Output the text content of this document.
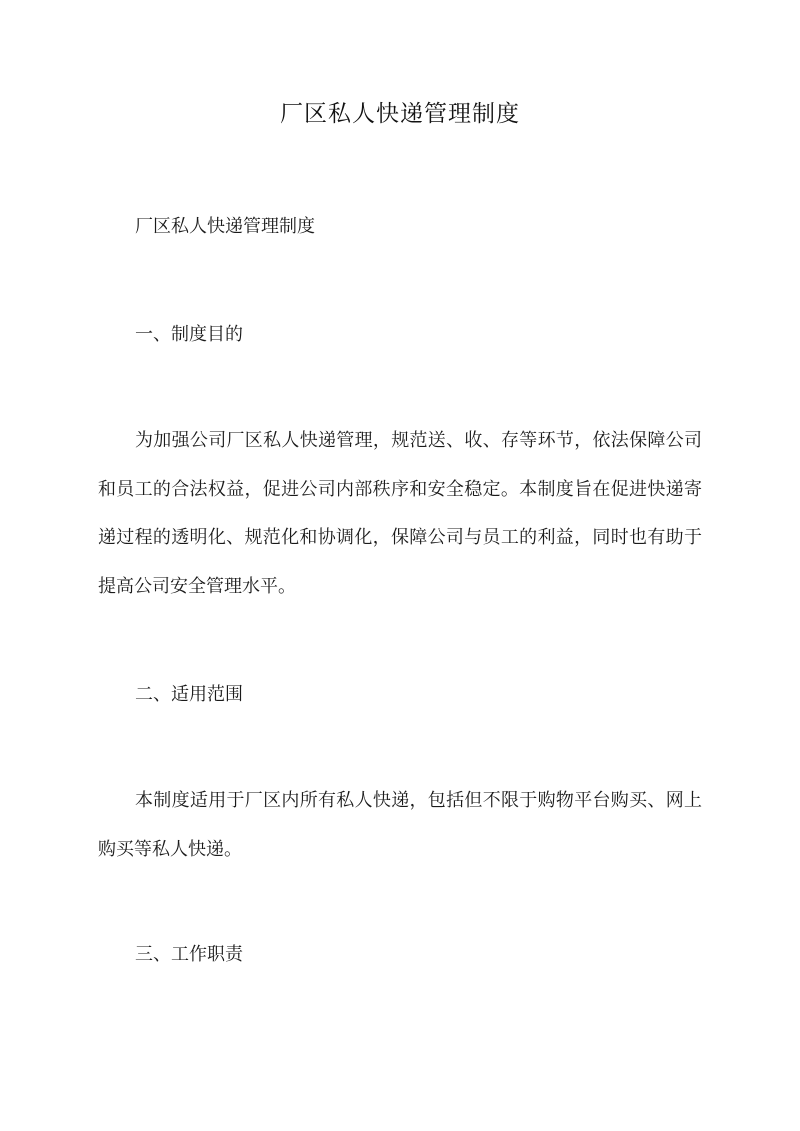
厂区私人快递管理制度
厂区私人快递管理制度
一、制度目的

为加强公司厂区私人快递管理，规范送、收、存等环节，依法保障公司和员工的合法权益，促进公司内部秩序和安全稳定。本制度旨在促进快递寄递过程的透明化、规范化和协调化，保障公司与员工的利益，同时也有助于提高公司安全管理水平。

二、适用范围

本制度适用于厂区内所有私人快递，包括但不限于购物平台购买、网上购买等私人快递。

三、工作职责
